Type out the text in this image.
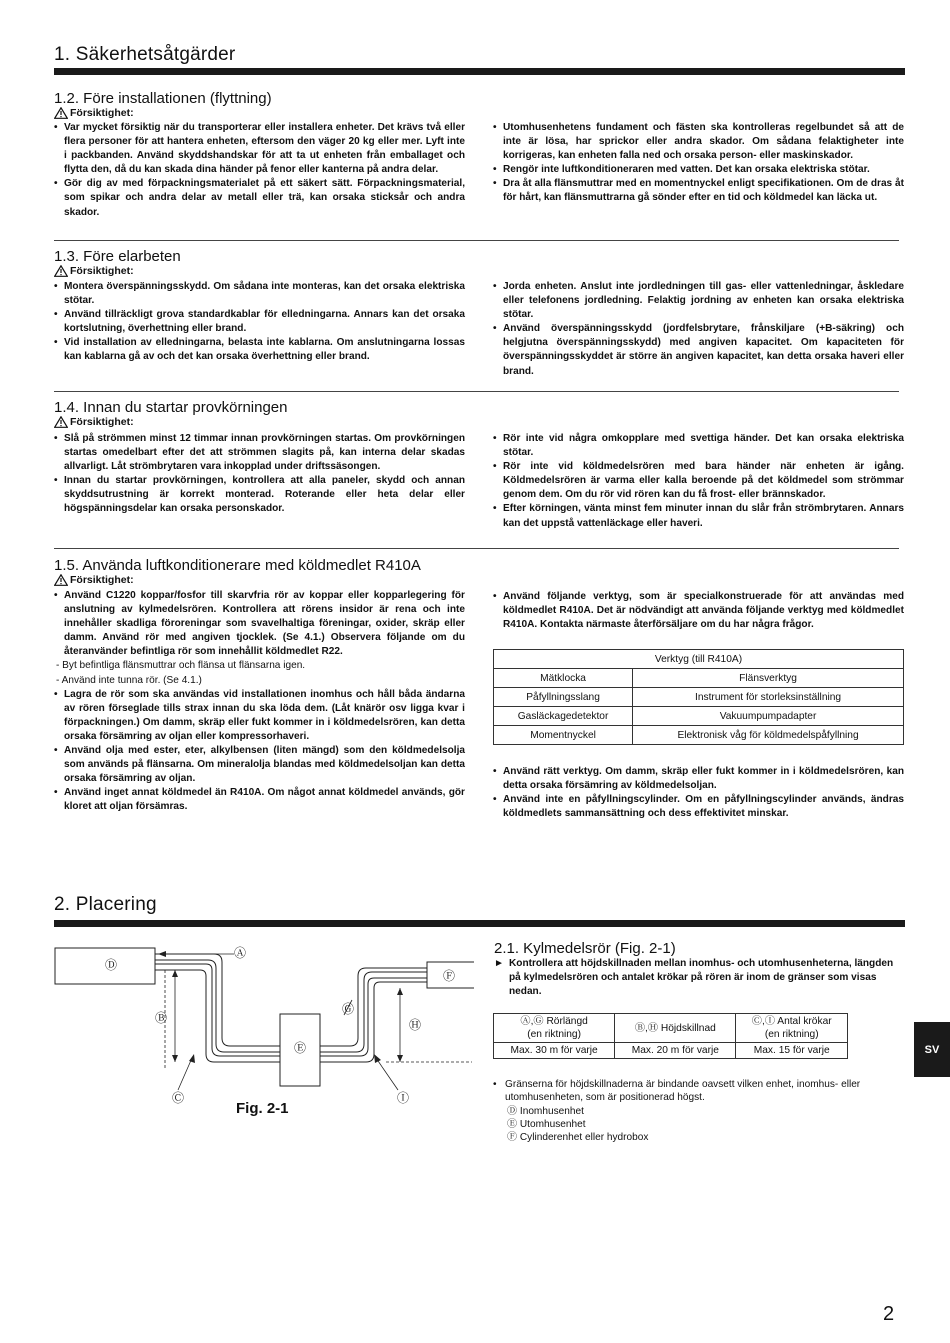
1. Säkerhetsåtgärder
1.2. Före installationen (flyttning)
Försiktighet:
• Var mycket försiktig när du transporterar eller installera enheter. Det krävs två eller flera personer för att hantera enheten, eftersom den väger 20 kg eller mer. Lyft inte i packbanden. Använd skyddshandskar för att ta ut enheten från emballaget och flytta den, då du kan skada dina händer på fenor eller kanterna på andra delar.
• Gör dig av med förpackningsmaterialet på ett säkert sätt. Förpackningsmaterial, som spikar och andra delar av metall eller trä, kan orsaka sticksår och andra skador.
• Utomhusenhetens fundament och fästen ska kontrolleras regelbundet så att de inte är lösa, har sprickor eller andra skador. Om sådana felaktigheter inte korrigeras, kan enheten falla ned och orsaka person- eller maskinskador.
• Rengör inte luftkonditioneraren med vatten. Det kan orsaka elektriska stötar.
• Dra åt alla flänsmuttrar med en momentnyckel enligt specifikationen. Om de dras åt för hårt, kan flänsmuttrarna gå sönder efter en tid och köldmedel kan läcka ut.
1.3. Före elarbeten
Försiktighet:
• Montera överspänningsskydd. Om sådana inte monteras, kan det orsaka elektriska stötar.
• Använd tillräckligt grova standardkablar för elledningarna. Annars kan det orsaka kortslutning, överhettning eller brand.
• Vid installation av elledningarna, belasta inte kablarna. Om anslutningarna lossas kan kablarna gå av och det kan orsaka överhettning eller brand.
• Jorda enheten. Anslut inte jordledningen till gas- eller vattenledningar, åskledare eller telefonens jordledning. Felaktig jordning av enheten kan orsaka elektriska stötar.
• Använd överspänningsskydd (jordfelsbrytare, frånskiljare (+B-säkring) och helgjutna överspänningsskydd) med angiven kapacitet. Om kapaciteten för överspänningsskyddet är större än angiven kapacitet, kan detta orsaka haveri eller brand.
1.4. Innan du startar provkörningen
Försiktighet:
• Slå på strömmen minst 12 timmar innan provkörningen startas. Om provkörningen startas omedelbart efter det att strömmen slagits på, kan interna delar skadas allvarligt. Låt strömbrytaren vara inkopplad under driftssäsongen.
• Innan du startar provkörningen, kontrollera att alla paneler, skydd och annan skyddsutrustning är korrekt monterad. Roterande eller heta delar eller högspänningsdelar kan orsaka personskador.
• Rör inte vid några omkopplare med svettiga händer. Det kan orsaka elektriska stötar.
• Rör inte vid köldmedelsrören med bara händer när enheten är igång. Köldmedelsrören är varma eller kalla beroende på det köldmedel som strömmar genom dem. Om du rör vid rören kan du få frost- eller brännskador.
• Efter körningen, vänta minst fem minuter innan du slår från strömbrytaren. Annars kan det uppstå vattenläckage eller haveri.
1.5. Använda luftkonditionerare med köldmedlet R410A
Försiktighet:
• Använd C1220 koppar/fosfor till skarvfria rör av koppar eller kopparlegering för anslutning av kylmedelsrören. Kontrollera att rörens insidor är rena och inte innehåller skadliga föroreningar som svavelhaltiga föreningar, oxider, skräp eller damm. Använd rör med angiven tjocklek. (Se 4.1.) Observera följande om du återanvänder befintliga rör som innehållit köldmedlet R22.
- Byt befintliga flänsmuttrar och flänsa ut flänsarna igen.
- Använd inte tunna rör. (Se 4.1.)
• Lagra de rör som ska användas vid installationen inomhus och håll båda ändarna av rören förseglade tills strax innan du ska löda dem. (Låt knärör osv ligga kvar i förpackningen.) Om damm, skräp eller fukt kommer in i köldmedelsrören, kan detta orsaka försämring av oljan eller kompressorhaveri.
• Använd olja med ester, eter, alkylbensen (liten mängd) som den köldmedelsolja som används på flänsarna. Om mineralolja blandas med köldmedelsoljan kan detta orsaka försämring av oljan.
• Använd inget annat köldmedel än R410A. Om något annat köldmedel används, gör kloret att oljan försämras.
• Använd följande verktyg, som är specialkonstruerade för att användas med köldmedlet R410A. Det är nödvändigt att använda följande verktyg med köldmedlet R410A. Kontakta närmaste återförsäljare om du har några frågor.
Verktyg (till R410A)	
Mätklocka	Flänsverktyg
Påfyllningsslang	Instrument för storleksinställning
Gasläckagedetektor	Vakuumpumpadapter
Momentnyckel	Elektronisk våg för köldmedelspåfyllning
• Använd rätt verktyg. Om damm, skräp eller fukt kommer in i köldmedelsrören, kan detta orsaka försämring av köldmedelsoljan.
• Använd inte en påfyllningscylinder. Om en påfyllningscylinder används, ändras köldmedlets sammansättning och dess effektivitet minskar.
2. Placering
Ⓓ
Ⓐ
Ⓑ
Ⓔ
Ⓕ
Ⓖ
Ⓗ
Ⓒ	Ⓘ
Fig. 2-1
2.1. Kylmedelsrör (Fig. 2-1)
► Kontrollera att höjdskillnaden mellan inomhus- och utomhusenheterna, längden på kylmedelsrören och antalet krökar på rören är inom de gränser som visas nedan.
Ⓐ,Ⓖ Rörlängd
(en riktning)	Ⓑ,Ⓗ Höjdskillnad	Ⓒ,Ⓘ Antal krökar
(en riktning)
Max. 30 m för varje	Max. 20 m för varje	Max. 15 för varje
• Gränserna för höjdskillnaderna är bindande oavsett vilken enhet, inomhus- eller utomhusenheten, som är positionerad högst.
Ⓓ Inomhusenhet
Ⓔ Utomhusenhet
Ⓕ Cylinderenhet eller hydrobox
SV
2
